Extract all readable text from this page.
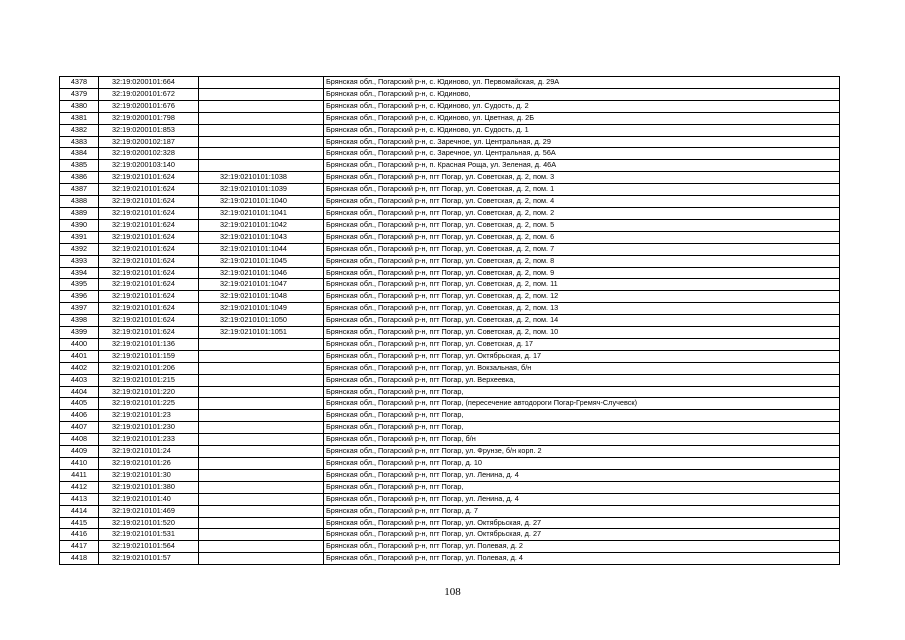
4378	32:19:0200101:664		Брянская обл., Погарский р-н, с. Юдиново, ул. Первомайская, д. 29А
4379	32:19:0200101:672		Брянская обл., Погарский р-н, с. Юдиново,
4380	32:19:0200101:676		Брянская обл., Погарский р-н, с. Юдиново, ул. Судость, д. 2
4381	32:19:0200101:798		Брянская обл., Погарский р-н, с. Юдиново, ул. Цветная, д. 2Б
4382	32:19:0200101:853		Брянская обл., Погарский р-н, с. Юдиново, ул. Судость, д. 1
4383	32:19:0200102:187		Брянская обл., Погарский р-н, с. Заречное, ул. Центральная, д. 29
4384	32:19:0200102:328		Брянская обл., Погарский р-н, с. Заречное, ул. Центральная, д. 56А
4385	32:19:0200103:140		Брянская обл., Погарский р-н, п. Красная Роща, ул. Зеленая, д. 46А
4386	32:19:0210101:624	32:19:0210101:1038	Брянская обл., Погарский р-н, пгт Погар, ул. Советская, д. 2, пом. 3
4387	32:19:0210101:624	32:19:0210101:1039	Брянская обл., Погарский р-н, пгт Погар, ул. Советская, д. 2, пом. 1
4388	32:19:0210101:624	32:19:0210101:1040	Брянская обл., Погарский р-н, пгт Погар, ул. Советская, д. 2, пом. 4
4389	32:19:0210101:624	32:19:0210101:1041	Брянская обл., Погарский р-н, пгт Погар, ул. Советская, д. 2, пом. 2
4390	32:19:0210101:624	32:19:0210101:1042	Брянская обл., Погарский р-н, пгт Погар, ул. Советская, д. 2, пом. 5
4391	32:19:0210101:624	32:19:0210101:1043	Брянская обл., Погарский р-н, пгт Погар, ул. Советская, д. 2, пом. 6
4392	32:19:0210101:624	32:19:0210101:1044	Брянская обл., Погарский р-н, пгт Погар, ул. Советская, д. 2, пом. 7
4393	32:19:0210101:624	32:19:0210101:1045	Брянская обл., Погарский р-н, пгт Погар, ул. Советская, д. 2, пом. 8
4394	32:19:0210101:624	32:19:0210101:1046	Брянская обл., Погарский р-н, пгт Погар, ул. Советская, д. 2, пом. 9
4395	32:19:0210101:624	32:19:0210101:1047	Брянская обл., Погарский р-н, пгт Погар, ул. Советская, д. 2, пом. 11
4396	32:19:0210101:624	32:19:0210101:1048	Брянская обл., Погарский р-н, пгт Погар, ул. Советская, д. 2, пом. 12
4397	32:19:0210101:624	32:19:0210101:1049	Брянская обл., Погарский р-н, пгт Погар, ул. Советская, д. 2, пом. 13
4398	32:19:0210101:624	32:19:0210101:1050	Брянская обл., Погарский р-н, пгт Погар, ул. Советская, д. 2, пом. 14
4399	32:19:0210101:624	32:19:0210101:1051	Брянская обл., Погарский р-н, пгт Погар, ул. Советская, д. 2, пом. 10
4400	32:19:0210101:136		Брянская обл., Погарский р-н, пгт Погар, ул. Советская, д. 17
4401	32:19:0210101:159		Брянская обл., Погарский р-н, пгт Погар, ул. Октябрьская, д. 17
4402	32:19:0210101:206		Брянская обл., Погарский р-н, пгт Погар, ул. Вокзальная, б/н
4403	32:19:0210101:215		Брянская обл., Погарский р-н, пгт Погар, ул. Верхеевка,
4404	32:19:0210101:220		Брянская обл., Погарский р-н, пгт Погар,
4405	32:19:0210101:225		Брянская обл., Погарский р-н, пгт Погар, (пересечение автодороги Погар-Гремяч-Случевск)
4406	32:19:0210101:23		Брянская обл., Погарский р-н, пгт Погар,
4407	32:19:0210101:230		Брянская обл., Погарский р-н, пгт Погар,
4408	32:19:0210101:233		Брянская обл., Погарский р-н, пгт Погар, б/н
4409	32:19:0210101:24		Брянская обл., Погарский р-н, пгт Погар, ул. Фрунзе, б/н корп. 2
4410	32:19:0210101:26		Брянская обл., Погарский р-н, пгт Погар, д. 10
4411	32:19:0210101:30		Брянская обл., Погарский р-н, пгт Погар, ул. Ленина, д. 4
4412	32:19:0210101:380		Брянская обл., Погарский р-н, пгт Погар,
4413	32:19:0210101:40		Брянская обл., Погарский р-н, пгт Погар, ул. Ленина, д. 4
4414	32:19:0210101:469		Брянская обл., Погарский р-н, пгт Погар, д. 7
4415	32:19:0210101:520		Брянская обл., Погарский р-н, пгт Погар, ул. Октябрьская, д. 27
4416	32:19:0210101:531		Брянская обл., Погарский р-н, пгт Погар, ул. Октябрьская, д. 27
4417	32:19:0210101:564		Брянская обл., Погарский р-н, пгт Погар, ул. Полевая, д. 2
4418	32:19:0210101:57		Брянская обл., Погарский р-н, пгт Погар, ул. Полевая, д. 4
108
